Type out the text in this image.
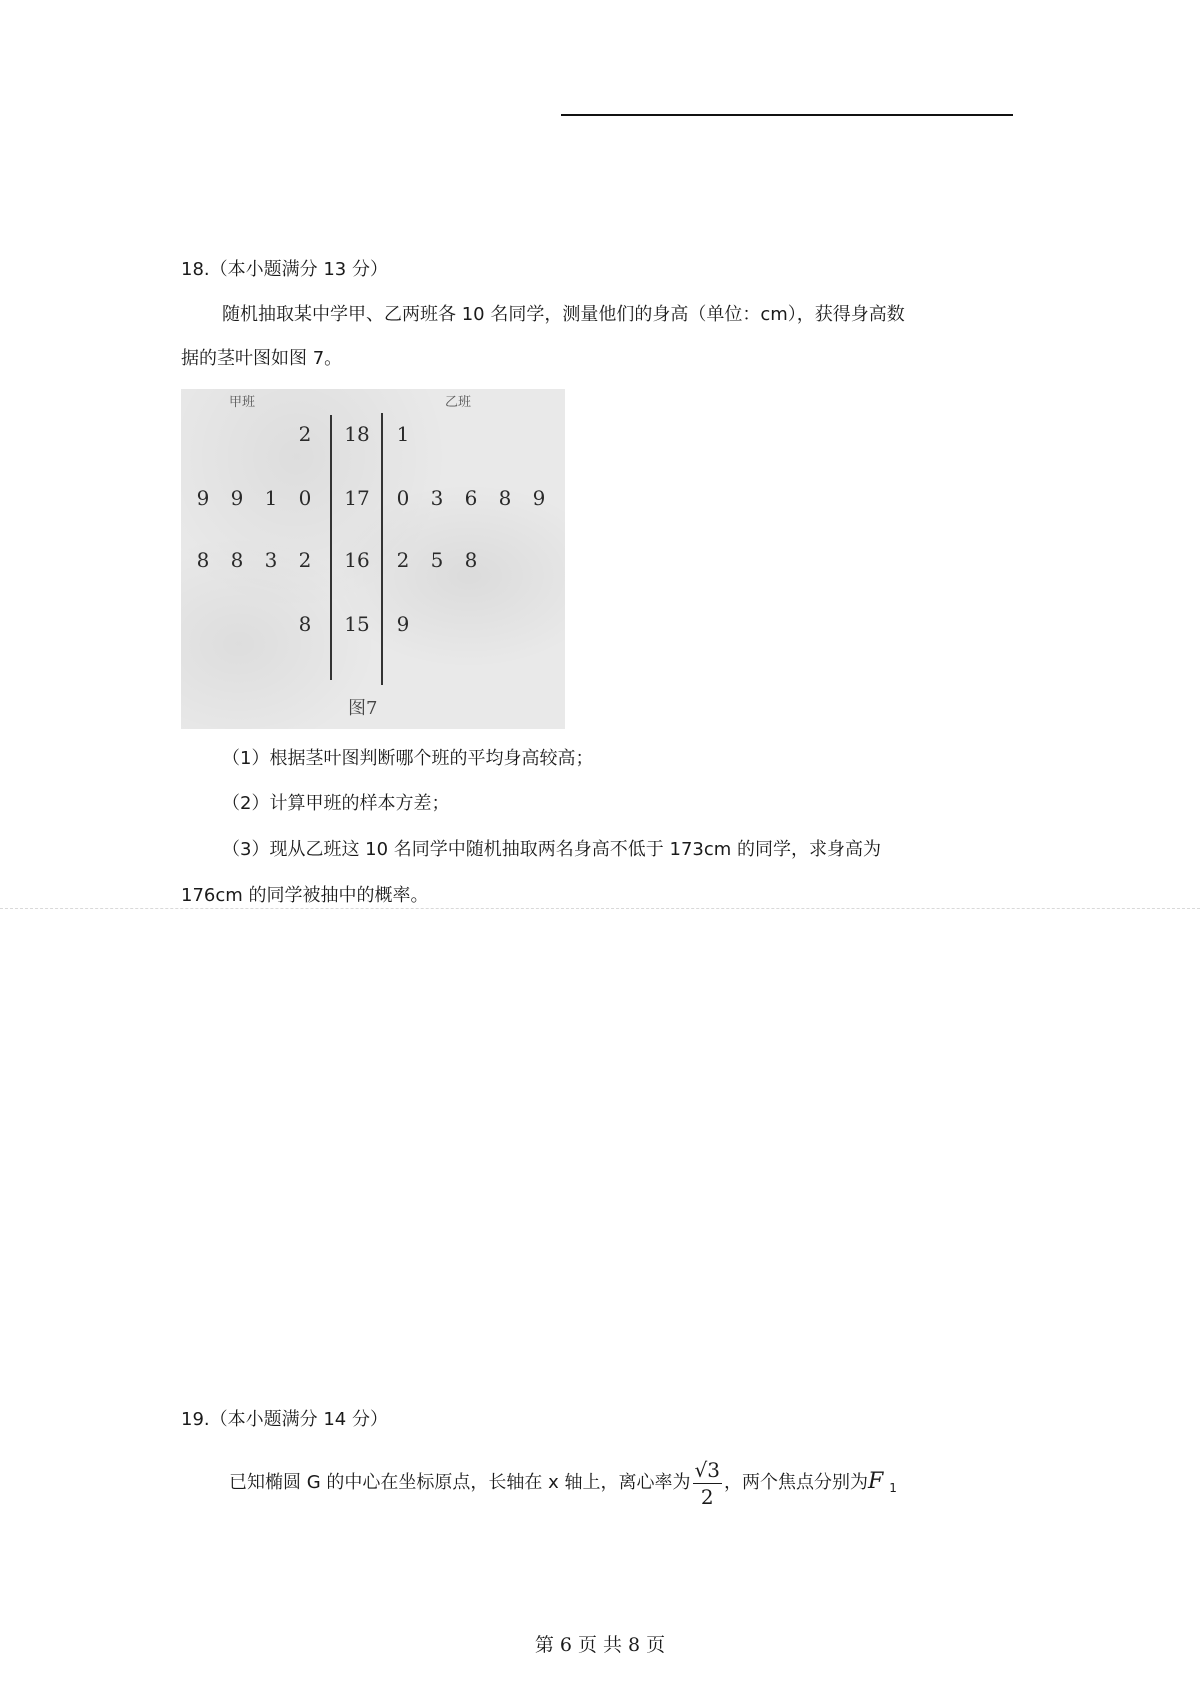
18.（本小题满分 13 分）
随机抽取某中学甲、乙两班各 10 名同学，测量他们的身高（单位：cm），获得身高数
据的茎叶图如图 7。
甲班	乙班
2	18	1
9 9 1 0	17	0 3 6 8 9
8 8 3 2	16	2 5 8
8	15	9
图7
（1）根据茎叶图判断哪个班的平均身高较高；
（2）计算甲班的样本方差；
（3）现从乙班这 10 名同学中随机抽取两名身高不低于 173cm 的同学，求身高为
176cm 的同学被抽中的概率。
19.（本小题满分 14 分）
已知椭圆 G 的中心在坐标原点，长轴在 x 轴上，离心率为 $\frac{√3}{2}$ ，两个焦点分别为F $_1$
第 6 页 共 8 页
